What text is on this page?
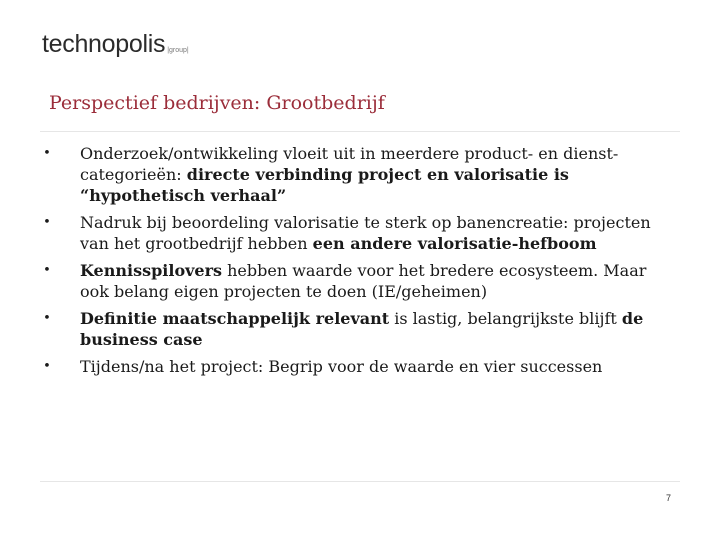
technopolis |group|
Perspectief bedrijven: Grootbedrijf
• Onderzoek/ontwikkeling vloeit uit in meerdere product- en dienst-categorieën: directe verbinding project en valorisatie is “hypothetisch verhaal”
• Nadruk bij beoordeling valorisatie te sterk op banencreatie: projecten van het grootbedrijf hebben een andere valorisatie-hefboom
• Kennisspilovers hebben waarde voor het bredere ecosysteem. Maar ook belang eigen projecten te doen (IE/geheimen)
• Definitie maatschappelijk relevant is lastig, belangrijkste blijft de business case
• Tijdens/na het project: Begrip voor de waarde en vier successen
7
